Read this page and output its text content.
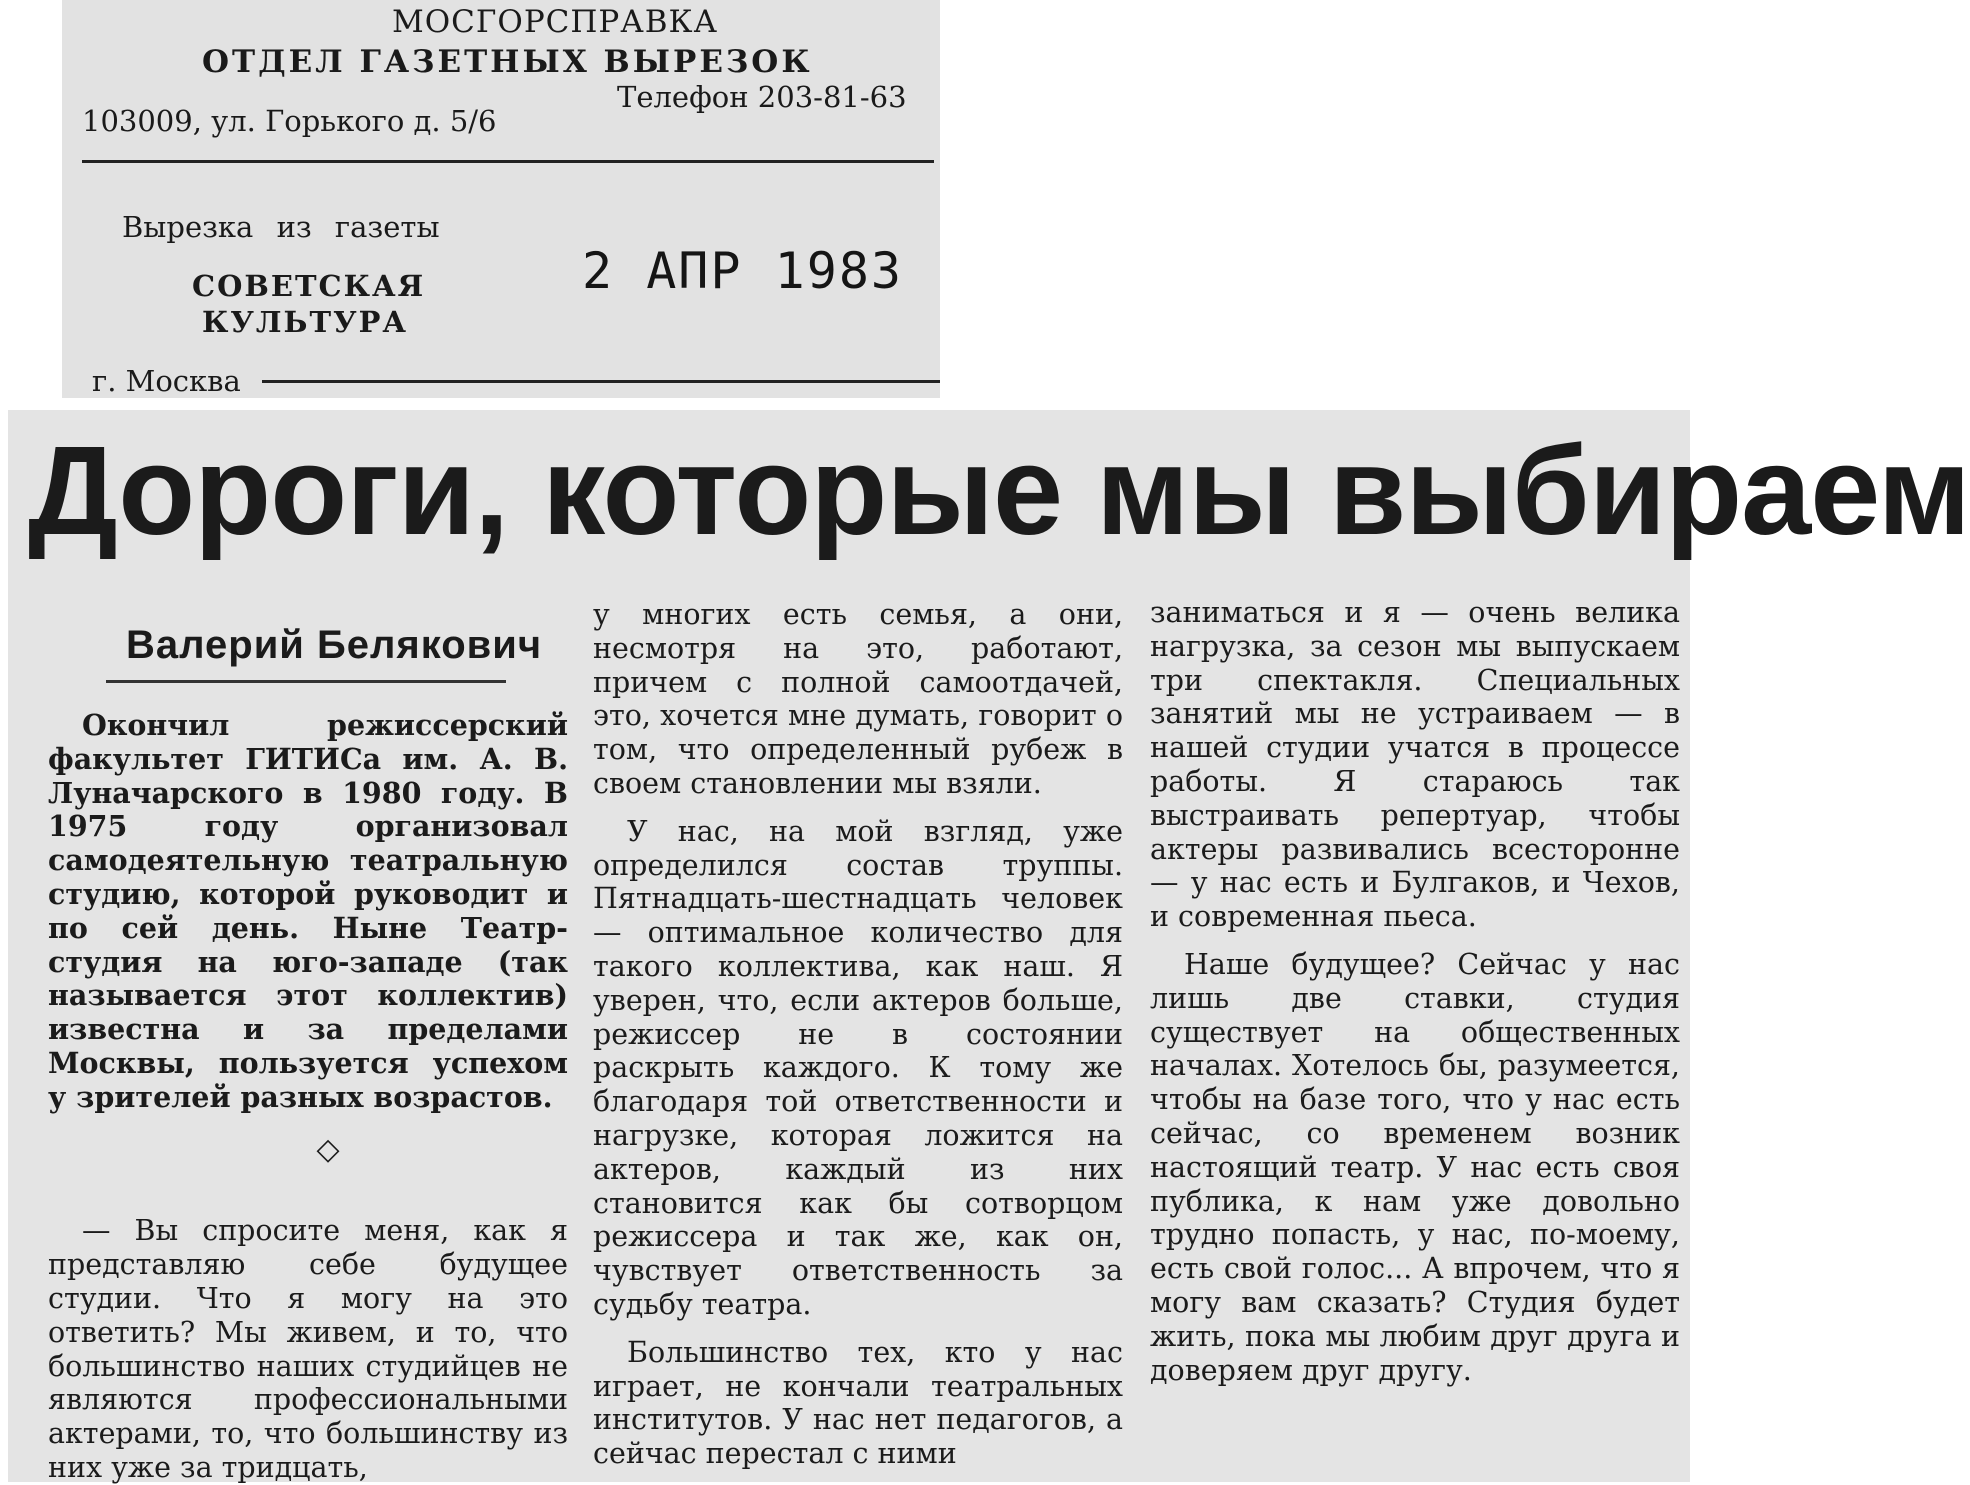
МОСГОРСПРАВКА
ОТДЕЛ ГАЗЕТНЫХ ВЫРЕЗОК
Телефон 203-81-63
103009, ул. Горького д. 5/6
Вырезка из газеты
СОВЕТСКАЯ
КУЛЬТУРА
2 АПР 1983
г. Москва
Дороги, которые мы выбираем
Валерий Белякович

Окончил режиссерский факультет ГИТИСа им. А. В. Луначарского в 1980 году. В 1975 году организовал самодеятельную театральную студию, которой руководит и по сей день. Ныне Театр-студия на юго-западе (так называется этот коллектив) известна и за пределами Москвы, пользуется успехом у зрителей разных возрастов.

◇

— Вы спросите меня, как я представляю себе будущее студии. Что я могу на это ответить? Мы живем, и то, что большинство наших студийцев не являются профессиональными актерами, то, что большинству из них уже за тридцать,

у многих есть семья, а они, несмотря на это, работают, причем с полной самоотдачей, это, хочется мне думать, говорит о том, что определенный рубеж в своем становлении мы взяли.

У нас, на мой взгляд, уже определился состав труппы. Пятнадцать-шестнадцать человек — оптимальное количество для такого коллектива, как наш. Я уверен, что, если актеров больше, режиссер не в состоянии раскрыть каждого. К тому же благодаря той ответственности и нагрузке, которая ложится на актеров, каждый из них становится как бы сотворцом режиссера и так же, как он, чувствует ответственность за судьбу театра.

Большинство тех, кто у нас играет, не кончали театральных институтов. У нас нет педагогов, а сейчас перестал с ними

заниматься и я — очень велика нагрузка, за сезон мы выпускаем три спектакля. Специальных занятий мы не устраиваем — в нашей студии учатся в процессе работы. Я стараюсь так выстраивать репертуар, чтобы актеры развивались всесторонне — у нас есть и Булгаков, и Чехов, и современная пьеса.

Наше будущее? Сейчас у нас лишь две ставки, студия существует на общественных началах. Хотелось бы, разумеется, чтобы на базе того, что у нас есть сейчас, со временем возник настоящий театр. У нас есть своя публика, к нам уже довольно трудно попасть, у нас, по-моему, есть свой голос... А впрочем, что я могу вам сказать? Студия будет жить, пока мы любим друг друга и доверяем друг другу.
